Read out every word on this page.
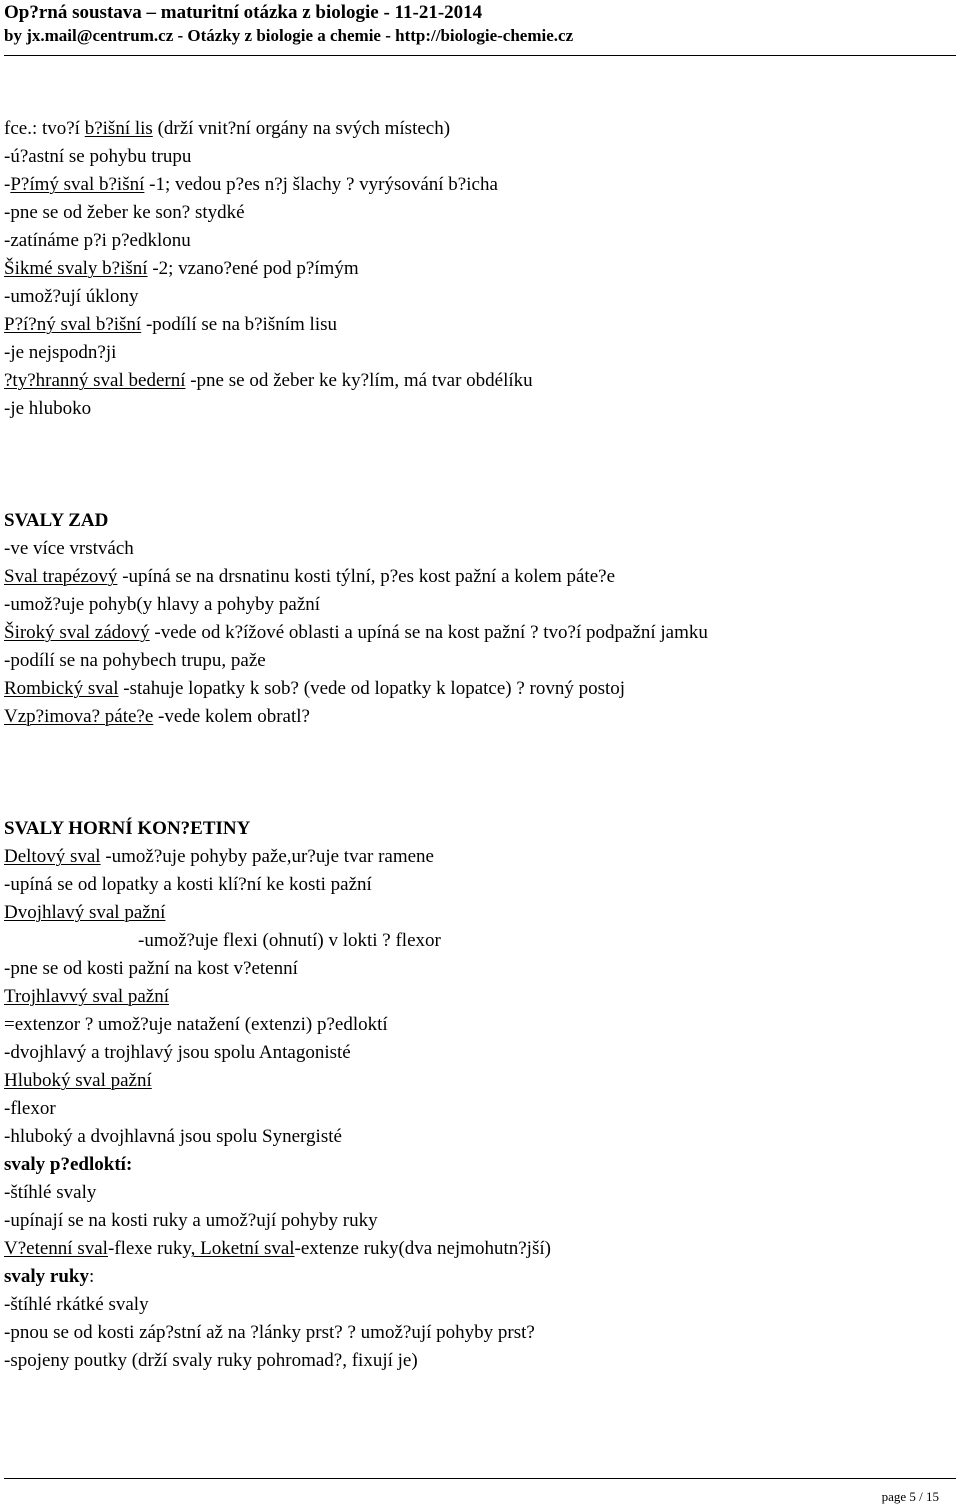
Op?rná soustava – maturitní otázka z biologie - 11-21-2014
by jx.mail@centrum.cz - Otázky z biologie a chemie - http://biologie-chemie.cz
fce.: tvo?í b?išní lis (drží vnit?ní orgány na svých místech)
-ú?astní se pohybu trupu
-P?ímý sval b?išní -1; vedou p?es n?j šlachy ? vyrýsování b?icha
-pne se od žeber ke son? stydké
-zatínáme p?i p?edklonu
Šikmé svaly b?išní -2; vzano?ené pod p?ímým
-umož?ují úklony
P?í?ný sval b?išní -podílí se na b?išním lisu
-je nejspodn?ji
?ty?hranný sval bederní -pne se od žeber ke ky?lím, má tvar obdélíku
-je hluboko
SVALY ZAD
-ve více vrstvách
Sval trapézový -upíná se na drsnatinu kosti týlní, p?es kost pažní a kolem páte?e
-umož?uje pohyb(y hlavy a pohyby pažní
Široký sval zádový -vede od k?ížové oblasti a upíná se na kost pažní ? tvo?í podpažní jamku
-podílí se na pohybech trupu, paže
Rombický sval -stahuje lopatky k sob? (vede od lopatky k lopatce) ? rovný postoj
Vzp?imova? páte?e -vede kolem obratl?
SVALY HORNÍ KON?ETINY
Deltový sval -umož?uje pohyby paže,ur?uje tvar ramene
-upíná se od lopatky a kosti klí?ní ke kosti pažní
Dvojhlavý sval pažní
-umož?uje flexi (ohnutí) v lokti ? flexor
-pne se od kosti pažní na kost v?etenní
Trojhlavvý sval pažní
=extenzor ? umož?uje natažení (extenzi) p?edloktí
-dvojhlavý a trojhlavý jsou spolu Antagonisté
Hluboký sval pažní
-flexor
-hluboký a dvojhlavná jsou spolu Synergisté
svaly p?edloktí:
-štíhlé svaly
-upínají se na kosti ruky a umož?ují pohyby ruky
V?etenní sval-flexe ruky, Loketní sval-extenze ruky(dva nejmohutn?jší)
svaly ruky:
-štíhlé rkátké svaly
-pnou se od kosti záp?stní až na ?lánky prst? ? umož?ují pohyby prst?
-spojeny poutky (drží svaly ruky pohromad?, fixují je)
page 5 / 15
